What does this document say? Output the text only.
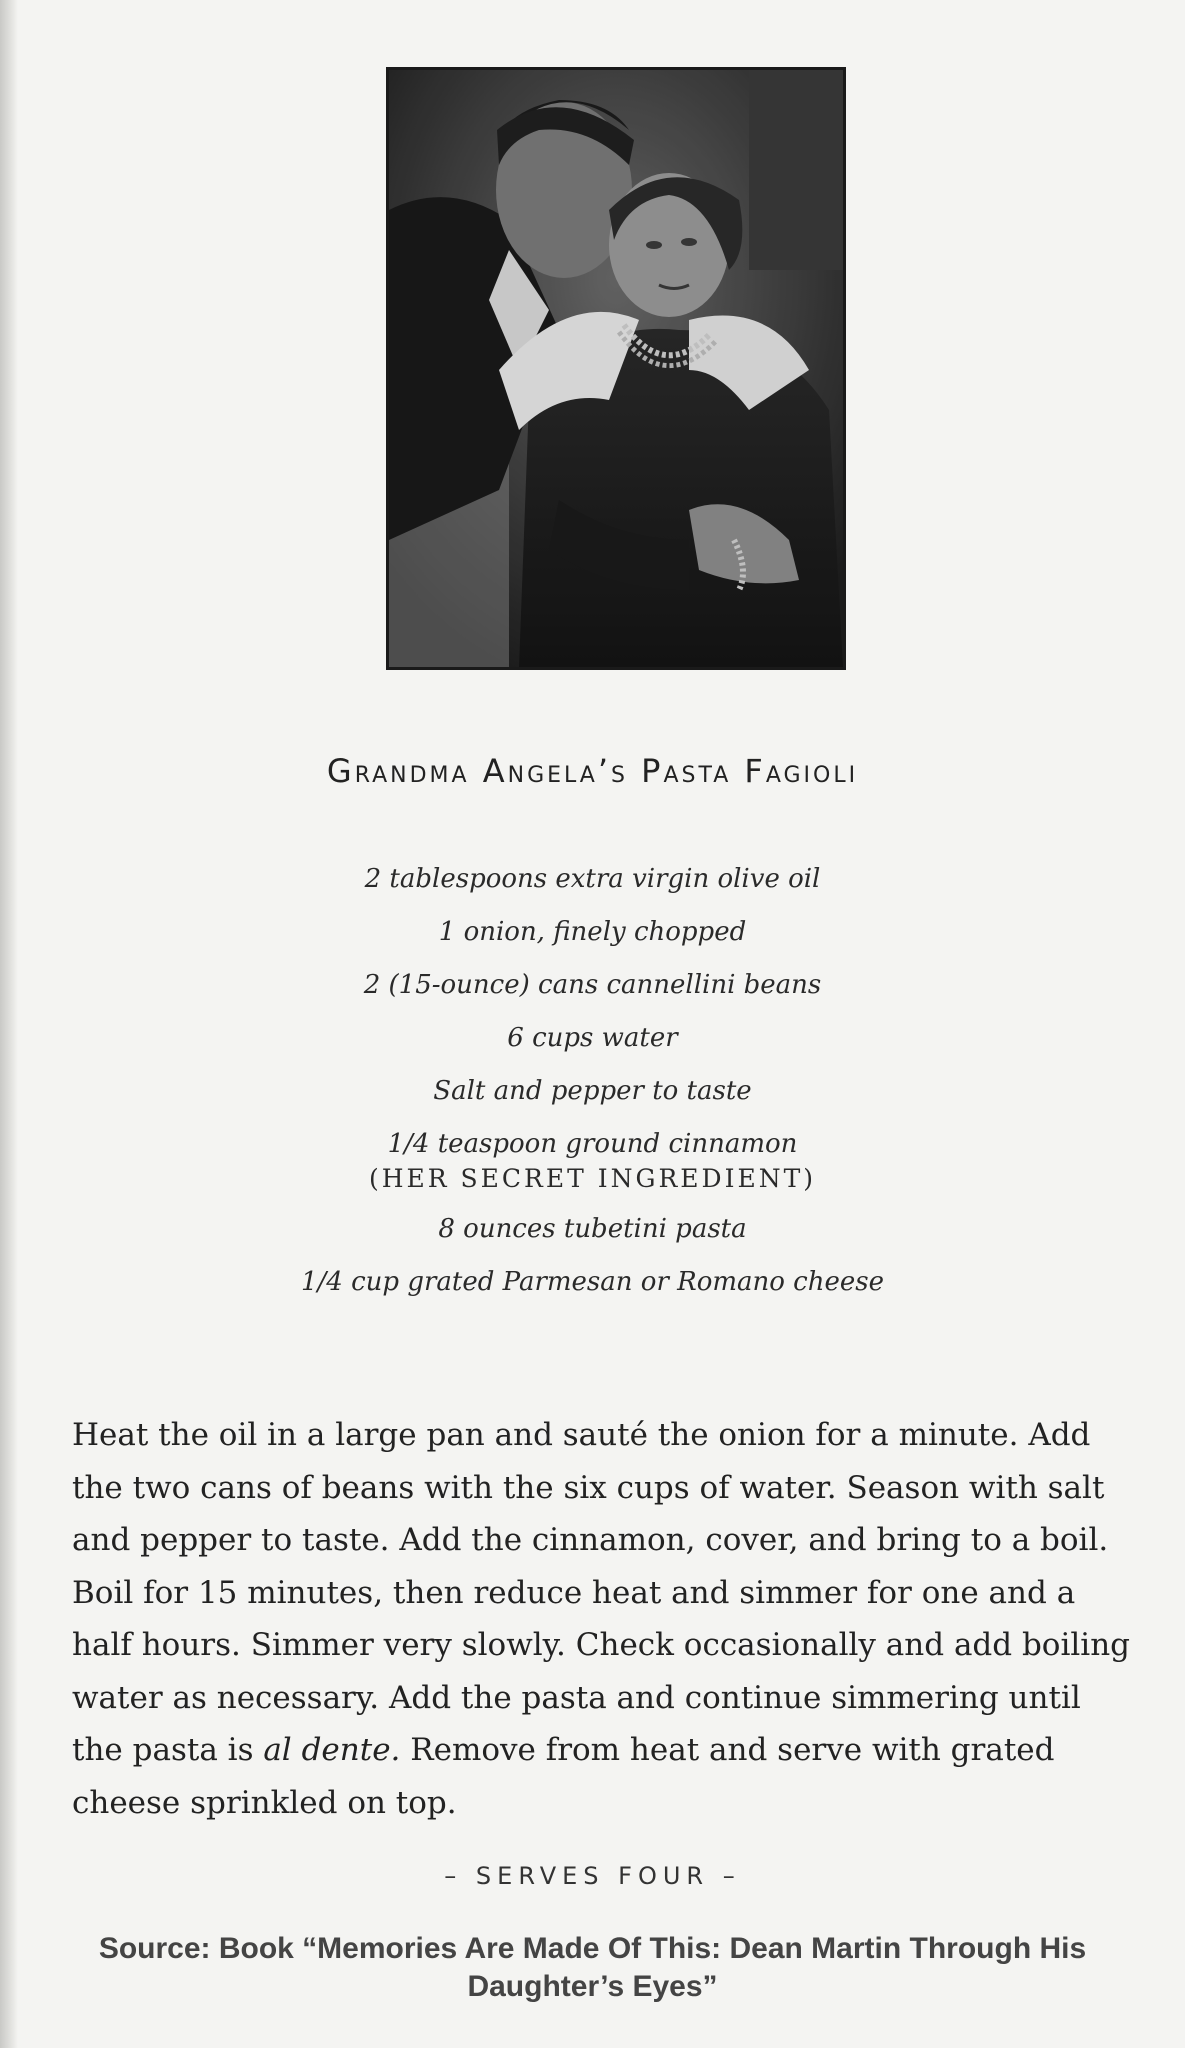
Grandma Angela’s Pasta Fagioli
2 tablespoons extra virgin olive oil
1 onion, finely chopped
2 (15-ounce) cans cannellini beans
6 cups water
Salt and pepper to taste
1/4 teaspoon ground cinnamon
(HER SECRET INGREDIENT)
8 ounces tubetini pasta
1/4 cup grated Parmesan or Romano cheese

Heat the oil in a large pan and sauté the onion for a minute. Add the two cans of beans with the six cups of water. Season with salt and pepper to taste. Add the cinnamon, cover, and bring to a boil. Boil for 15 minutes, then reduce heat and simmer for one and a half hours. Simmer very slowly. Check occasionally and add boiling water as necessary. Add the pasta and continue simmering until the pasta is al dente. Remove from heat and serve with grated cheese sprinkled on top.

– SERVES FOUR –
Source: Book “Memories Are Made Of This: Dean Martin Through His Daughter’s Eyes”
